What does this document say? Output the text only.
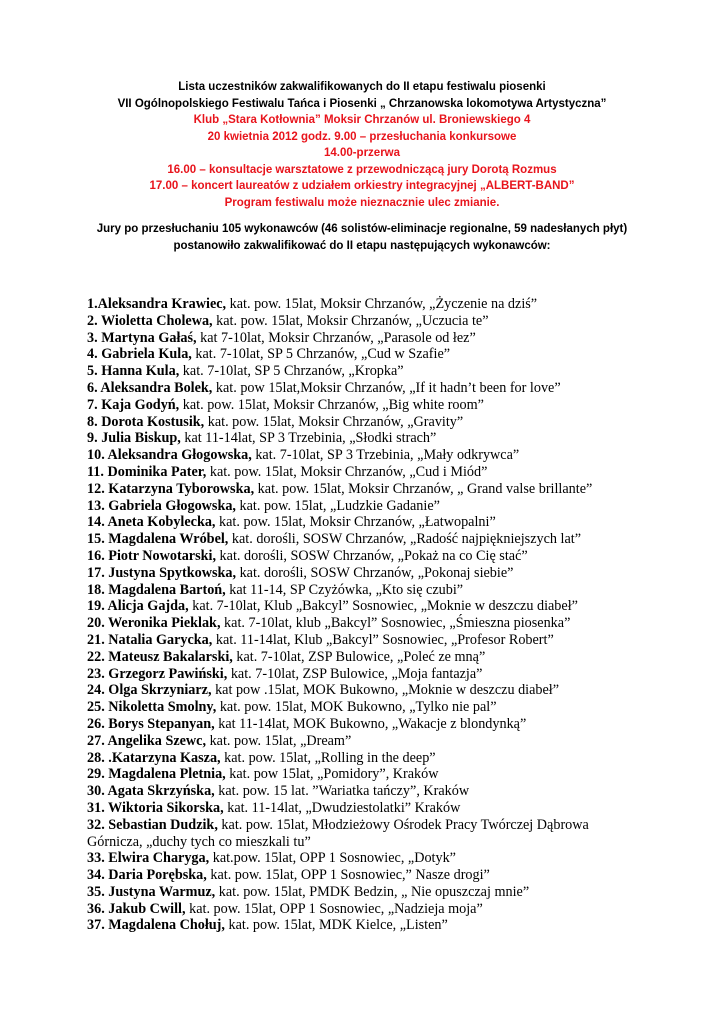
Lista uczestników zakwalifikowanych do II etapu festiwalu piosenki
VII Ogólnopolskiego Festiwalu Tańca i Piosenki „ Chrzanowska lokomotywa Artystyczna”
Klub „Stara Kotłownia” Moksir Chrzanów ul. Broniewskiego 4
20 kwietnia 2012 godz. 9.00 – przesłuchania konkursowe
14.00-przerwa
16.00 – konsultacje warsztatowe z przewodniczącą jury Dorotą Rozmus
17.00 – koncert laureatów z udziałem orkiestry integracyjnej „ALBERT-BAND”
Program festiwalu może nieznacznie ulec zmianie.
Jury po przesłuchaniu 105 wykonawców (46 solistów-eliminacje regionalne, 59 nadesłanych płyt)
postanowiło zakwalifikować do II etapu następujących wykonawców:

1.Aleksandra Krawiec, kat. pow. 15lat, Moksir Chrzanów, „Życzenie na dziś”

2. Wioletta Cholewa, kat. pow. 15lat, Moksir Chrzanów, „Uczucia te”

3. Martyna Gałaś, kat 7-10lat, Moksir Chrzanów, „Parasole od łez”

4. Gabriela Kula, kat. 7-10lat, SP 5 Chrzanów, „Cud w Szafie”

5. Hanna Kula, kat. 7-10lat, SP 5 Chrzanów, „Kropka”

6. Aleksandra Bolek, kat. pow 15lat,Moksir Chrzanów, „If it hadn’t been for love”

7. Kaja Godyń, kat. pow. 15lat, Moksir Chrzanów, „Big white room”

8. Dorota Kostusik, kat. pow. 15lat, Moksir Chrzanów, „Gravity”

9. Julia Biskup, kat 11-14lat, SP 3 Trzebinia, „Słodki strach”

10. Aleksandra Głogowska, kat. 7-10lat, SP 3 Trzebinia, „Mały odkrywca”

11. Dominika Pater, kat. pow. 15lat, Moksir Chrzanów, „Cud i Miód”

12. Katarzyna Tyborowska, kat. pow. 15lat, Moksir Chrzanów, „ Grand valse brillante”

13. Gabriela Głogowska, kat. pow. 15lat, „Ludzkie Gadanie”

14. Aneta Kobylecka, kat. pow. 15lat, Moksir Chrzanów, „Łatwopalni”

15. Magdalena Wróbel, kat. dorośli, SOSW Chrzanów, „Radość najpiękniejszych lat”

16. Piotr Nowotarski, kat. dorośli, SOSW Chrzanów, „Pokaż na co Cię stać”

17. Justyna Spytkowska, kat. dorośli, SOSW Chrzanów, „Pokonaj siebie”

18. Magdalena Bartoń, kat 11-14, SP Czyżówka, „Kto się czubi”

19. Alicja Gajda, kat. 7-10lat, Klub „Bakcyl” Sosnowiec, „Moknie w deszczu diabeł”

20. Weronika Pieklak, kat. 7-10lat, klub „Bakcyl” Sosnowiec, „Śmieszna piosenka”

21. Natalia Garycka, kat. 11-14lat, Klub „Bakcyl” Sosnowiec, „Profesor Robert”

22. Mateusz Bakalarski, kat. 7-10lat, ZSP Bulowice, „Poleć ze mną”

23. Grzegorz Pawiński, kat. 7-10lat, ZSP Bulowice, „Moja fantazja”

24. Olga Skrzyniarz, kat pow .15lat, MOK Bukowno, „Moknie w deszczu diabeł”

25. Nikoletta Smolny, kat. pow. 15lat, MOK Bukowno, „Tylko nie pal”

26. Borys Stepanyan, kat 11-14lat, MOK Bukowno, „Wakacje z blondynką”

27. Angelika Szewc, kat. pow. 15lat, „Dream”

28. .Katarzyna Kasza, kat. pow. 15lat, „Rolling in the deep”

29. Magdalena Pletnia, kat. pow 15lat, „Pomidory”, Kraków

30. Agata Skrzyńska, kat. pow. 15 lat. ”Wariatka tańczy”, Kraków

31. Wiktoria Sikorska, kat. 11-14lat, „Dwudziestolatki” Kraków

32. Sebastian Dudzik, kat. pow. 15lat, Młodzieżowy Ośrodek Pracy Twórczej Dąbrowa Górnicza, „duchy tych co mieszkali tu”

33. Elwira Charyga, kat.pow. 15lat, OPP 1 Sosnowiec, „Dotyk”

34. Daria Porębska, kat. pow. 15lat, OPP 1 Sosnowiec,” Nasze drogi”

35. Justyna Warmuz, kat. pow. 15lat, PMDK Bedzin, „ Nie opuszczaj mnie”

36. Jakub Cwill, kat. pow. 15lat, OPP 1 Sosnowiec, „Nadzieja moja”

37. Magdalena Chołuj, kat. pow. 15lat, MDK Kielce, „Listen”
